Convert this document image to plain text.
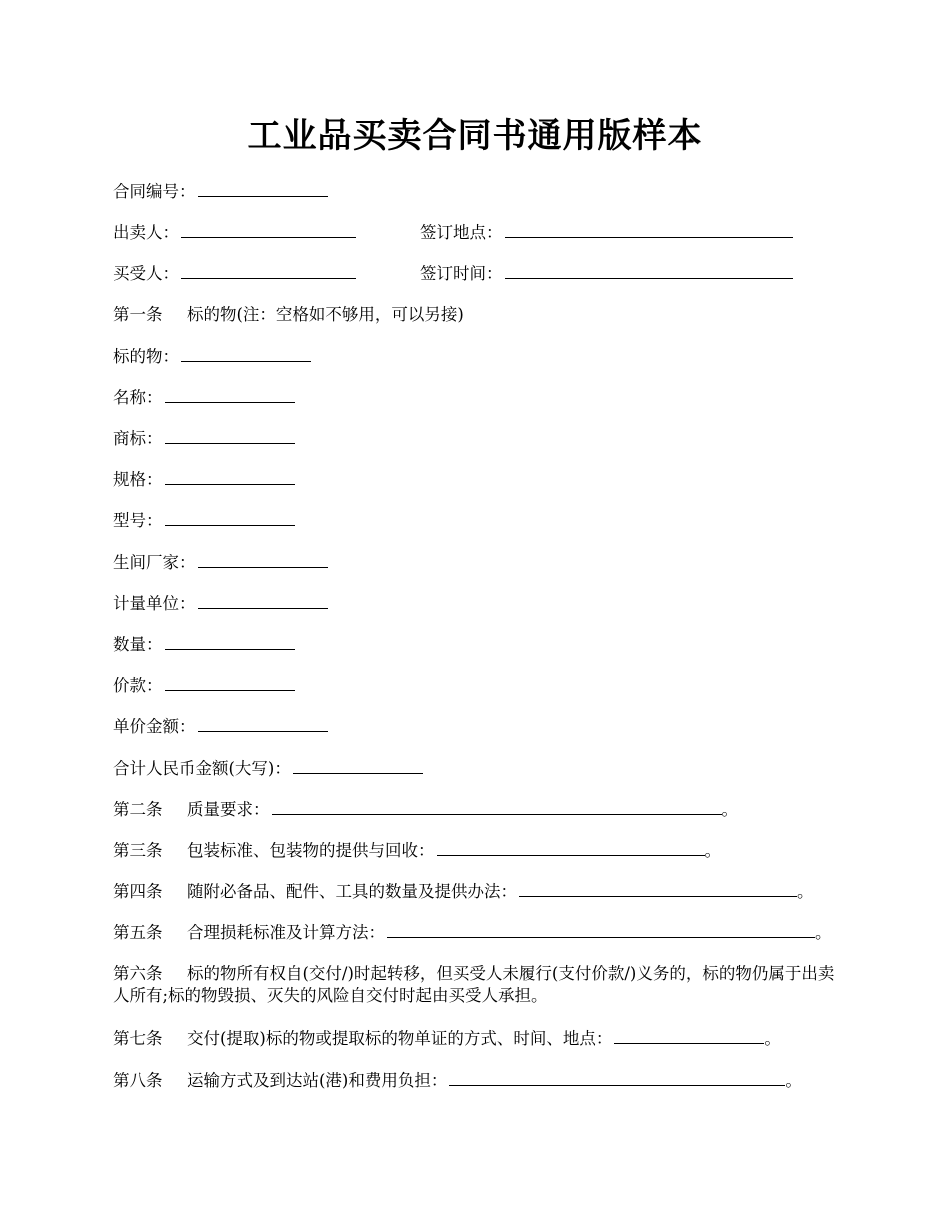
工业品买卖合同书通用版样本
合同编号：
出卖人：	签订地点：
买受人：	签订时间：
第一条 标的物(注：空格如不够用，可以另接)
标的物：
名称：
商标：
规格：
型号：
生间厂家：
计量单位：
数量：
价款：
单价金额：
合计人民币金额(大写)：
第二条 质量要求：	。
第三条 包装标准、包装物的提供与回收：	。
第四条 随附必备品、配件、工具的数量及提供办法：	。
第五条 合理损耗标准及计算方法：	。
第六条 标的物所有权自(交付/)时起转移，但买受人未履行(支付价款/)义务的，标的物仍属于出卖人所有;标的物毁损、灭失的风险自交付时起由买受人承担。
第七条 交付(提取)标的物或提取标的物单证的方式、时间、地点：	。
第八条 运输方式及到达站(港)和费用负担：	。
